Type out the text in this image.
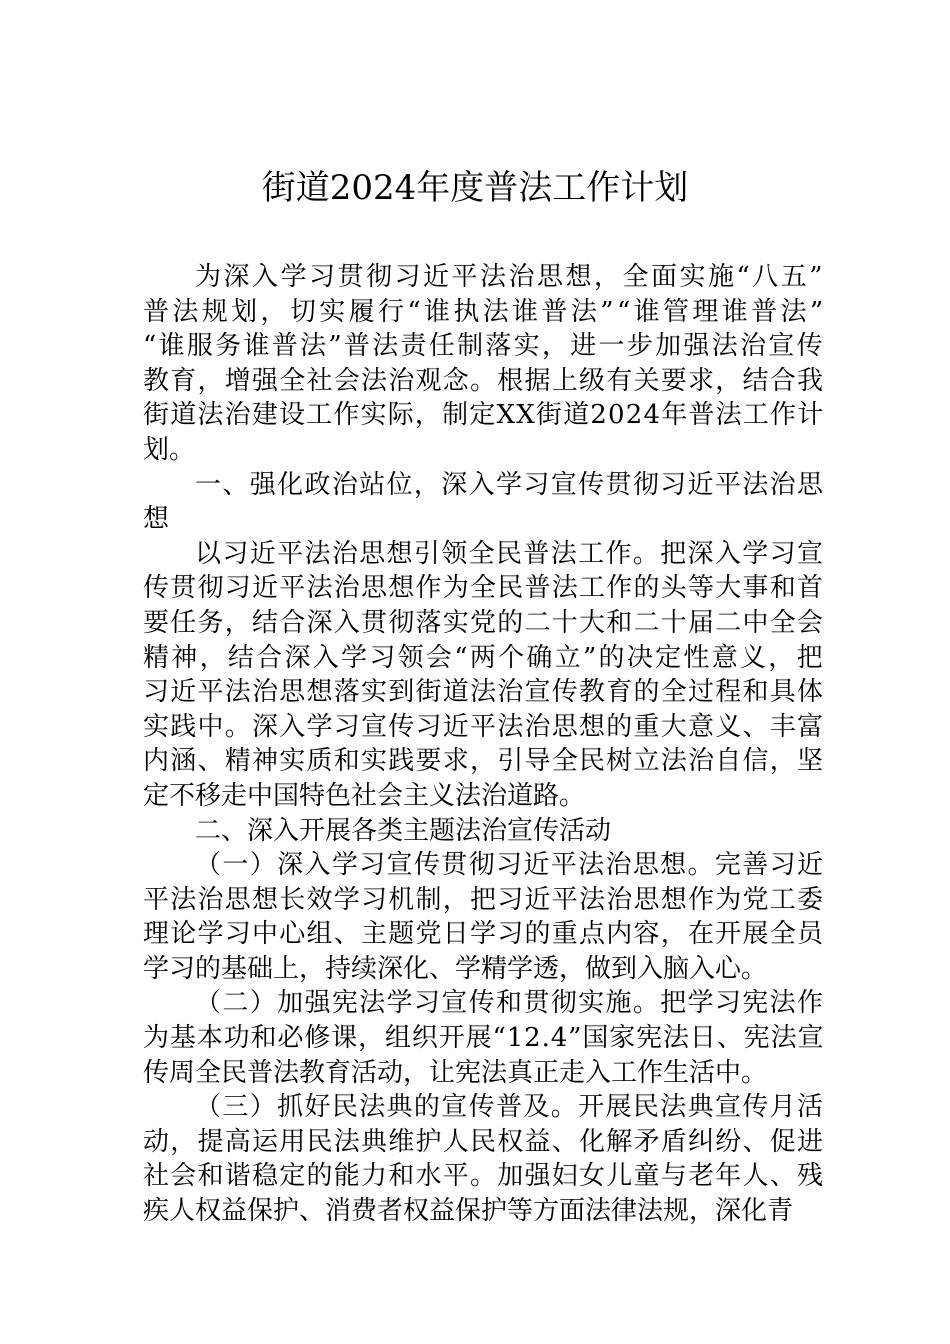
街道2024年度普法工作计划
为深入学习贯彻习近平法治思想，全面实施“八五”
普法规划，切实履行“谁执法谁普法”“谁管理谁普法”
“谁服务谁普法”普法责任制落实，进一步加强法治宣传
教育，增强全社会法治观念。根据上级有关要求，结合我
街道法治建设工作实际，制定XX街道2024年普法工作计
划。
一、强化政治站位，深入学习宣传贯彻习近平法治思
想
以习近平法治思想引领全民普法工作。把深入学习宣
传贯彻习近平法治思想作为全民普法工作的头等大事和首
要任务，结合深入贯彻落实党的二十大和二十届二中全会
精神，结合深入学习领会“两个确立”的决定性意义，把
习近平法治思想落实到街道法治宣传教育的全过程和具体
实践中。深入学习宣传习近平法治思想的重大意义、丰富
内涵、精神实质和实践要求，引导全民树立法治自信，坚
定不移走中国特色社会主义法治道路。
二、深入开展各类主题法治宣传活动
（一）深入学习宣传贯彻习近平法治思想。完善习近
平法治思想长效学习机制，把习近平法治思想作为党工委
理论学习中心组、主题党日学习的重点内容，在开展全员
学习的基础上，持续深化、学精学透，做到入脑入心。
（二）加强宪法学习宣传和贯彻实施。把学习宪法作
为基本功和必修课，组织开展“12.4”国家宪法日、宪法宣
传周全民普法教育活动，让宪法真正走入工作生活中。
（三）抓好民法典的宣传普及。开展民法典宣传月活
动，提高运用民法典维护人民权益、化解矛盾纠纷、促进
社会和谐稳定的能力和水平。加强妇女儿童与老年人、残
疾人权益保护、消费者权益保护等方面法律法规，深化青
